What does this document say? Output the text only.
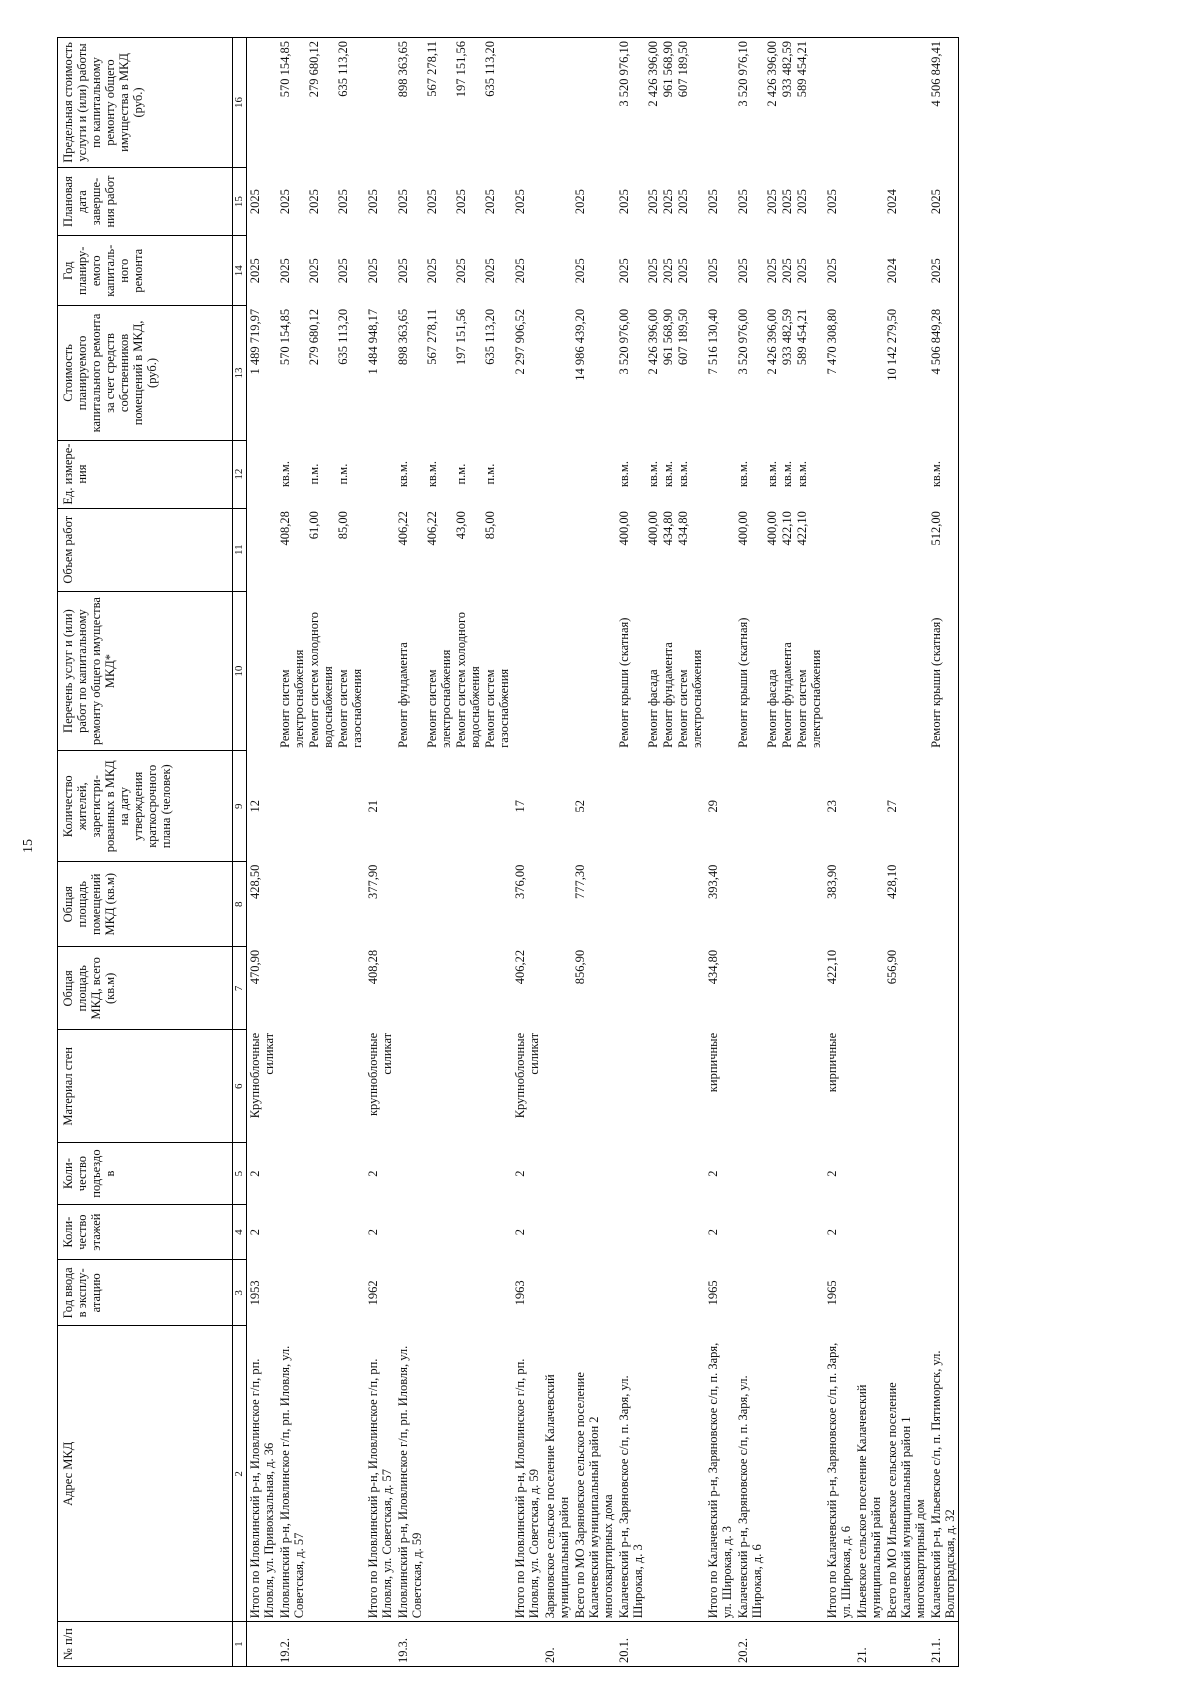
15
№ п/п	Адрес МКД	Год ввода в эксплу-атацию	Коли-чество этажей	Коли-чество подъездо в	Материал стен	Общая площадь МКД, всего (кв.м)	Общая площадь помещений МКД (кв.м)	Количество жителей, зарегистри-рованных в МКД на дату утверждения краткосрочного плана (человек)	Перечень услуг и (или) работ по капитальному ремонту общего имущества МКД*	Объем работ	Ед. измере-ния	Стоимость планируемого капитального ремонта за счет средств собственников помещений в МКД, (руб.)	Год планиру-емого капиталь-ного ремонта	Плановая дата заверше-ния работ	Предельная стоимость услуги и (или) работы по капитальному ремонту общего имущества в МКД (руб.)
1	2	3	4	5	6	7	8	9	10	11	12	13	14	15	16
	Итого по Иловлинский р-н, Иловлинское г/п, рп. Иловля, ул. Привокзальная, д. 36	1953	2	2	Крупноблочные силикат	470,90	428,50	12				1 489 719,97	2025	2025	
19.2.	Иловлинский р-н, Иловлинское г/п, рп. Иловля, ул. Советская, д. 57								Ремонт систем электроснабжения	408,28	кв.м.	570 154,85	2025	2025	570 154,85
									Ремонт систем холодного водоснабжения	61,00	п.м.	279 680,12	2025	2025	279 680,12
									Ремонт систем газоснабжения	85,00	п.м.	635 113,20	2025	2025	635 113,20
	Итого по Иловлинский р-н, Иловлинское г/п, рп. Иловля, ул. Советская, д. 57	1962	2	2	крупноблочные силикат	408,28	377,90	21				1 484 948,17	2025	2025	
19.3.	Иловлинский р-н, Иловлинское г/п, рп. Иловля, ул. Советская, д. 59								Ремонт фундамента	406,22	кв.м.	898 363,65	2025	2025	898 363,65
									Ремонт систем электроснабжения	406,22	кв.м.	567 278,11	2025	2025	567 278,11
									Ремонт систем холодного водоснабжения	43,00	п.м.	197 151,56	2025	2025	197 151,56
									Ремонт систем газоснабжения	85,00	п.м.	635 113,20	2025	2025	635 113,20
	Итого по Иловлинский р-н, Иловлинское г/п, рп. Иловля, ул. Советская, д. 59	1963	2	2	Крупноблочные силикат	406,22	376,00	17				2 297 906,52	2025	2025	
20.	Заряновское сельское поселение Калачевский муниципальный район														
	Всего по МО Заряновское сельское поселение Калачевский муниципальный район 2 многоквартирных дома					856,90	777,30	52				14 986 439,20	2025	2025	
20.1.	Калачевский р-н, Заряновское с/п, п. Заря, ул. Широкая, д. 3								Ремонт крыши (скатная)	400,00	кв.м.	3 520 976,00	2025	2025	3 520 976,10
									Ремонт фасада	400,00	кв.м.	2 426 396,00	2025	2025	2 426 396,00
									Ремонт фундамента	434,80	кв.м.	961 568,90	2025	2025	961 568,90
									Ремонт систем электроснабжения	434,80	кв.м.	607 189,50	2025	2025	607 189,50
	Итого по Калачевский р-н, Заряновское с/п, п. Заря, ул. Широкая, д. 3	1965	2	2	кирпичные	434,80	393,40	29				7 516 130,40	2025	2025	
20.2.	Калачевский р-н, Заряновское с/п, п. Заря, ул. Широкая, д. 6								Ремонт крыши (скатная)	400,00	кв.м.	3 520 976,00	2025	2025	3 520 976,10
									Ремонт фасада	400,00	кв.м.	2 426 396,00	2025	2025	2 426 396,00
									Ремонт фундамента	422,10	кв.м.	933 482,59	2025	2025	933 482,59
									Ремонт систем электроснабжения	422,10	кв.м.	589 454,21	2025	2025	589 454,21
	Итого по Калачевский р-н, Заряновское с/п, п. Заря, ул. Широкая, д. 6	1965	2	2	кирпичные	422,10	383,90	23				7 470 308,80	2025	2025	
21.	Ильевское сельское поселение Калачевский муниципальный район														
	Всего по МО Ильевское сельское поселение Калачевский муниципальный район 1 многоквартирный дом					656,90	428,10	27				10 142 279,50	2024	2024	
21.1.	Калачевский р-н, Ильевское с/п, п. Пятиморск, ул. Волгоградская, д. 32								Ремонт крыши (скатная)	512,00	кв.м.	4 506 849,28	2025	2025	4 506 849,41
